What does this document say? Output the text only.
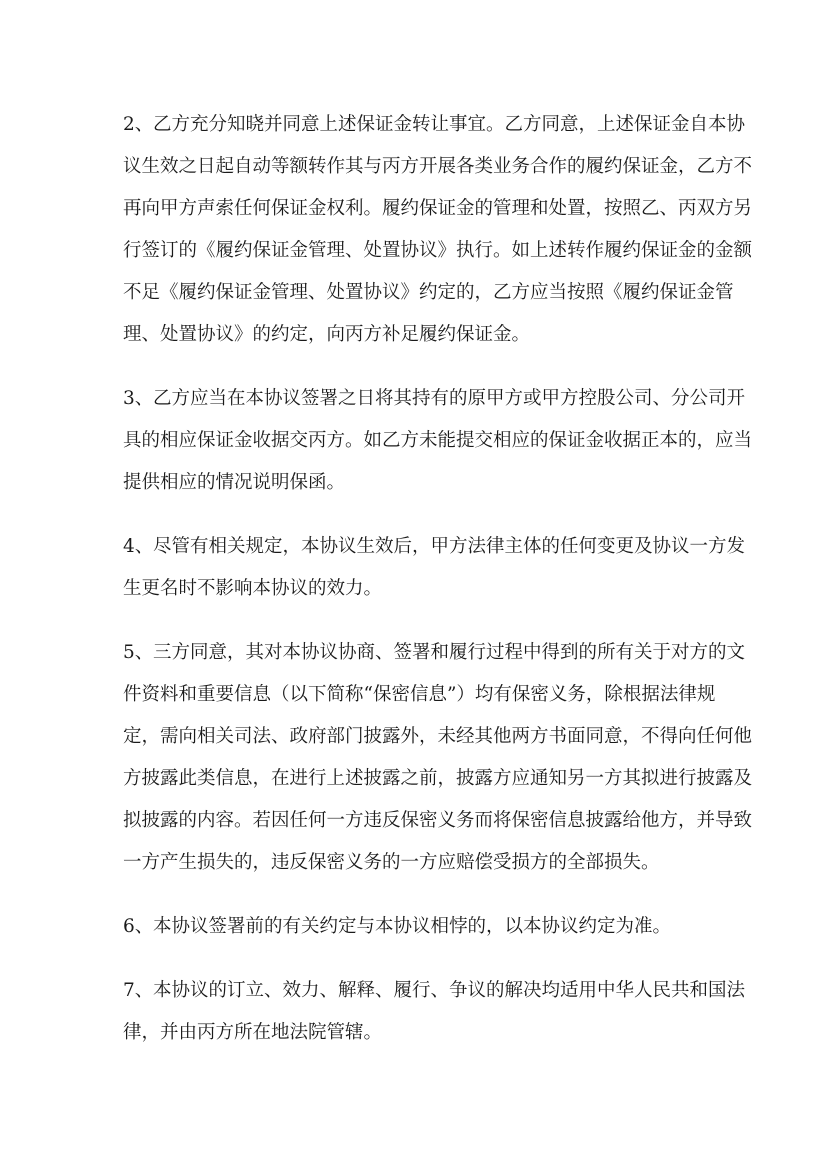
2、乙方充分知晓并同意上述保证金转让事宜。乙方同意，上述保证金自本协
议生效之日起自动等额转作其与丙方开展各类业务合作的履约保证金，乙方不
再向甲方声索任何保证金权利。履约保证金的管理和处置，按照乙、丙双方另
行签订的《履约保证金管理、处置协议》执行。如上述转作履约保证金的金额
不足《履约保证金管理、处置协议》约定的，乙方应当按照《履约保证金管
理、处置协议》的约定，向丙方补足履约保证金。
3、乙方应当在本协议签署之日将其持有的原甲方或甲方控股公司、分公司开
具的相应保证金收据交丙方。如乙方未能提交相应的保证金收据正本的，应当
提供相应的情况说明保函。
4、尽管有相关规定，本协议生效后，甲方法律主体的任何变更及协议一方发
生更名时不影响本协议的效力。
5、三方同意，其对本协议协商、签署和履行过程中得到的所有关于对方的文
件资料和重要信息（以下简称“保密信息”）均有保密义务，除根据法律规
定，需向相关司法、政府部门披露外，未经其他两方书面同意，不得向任何他
方披露此类信息，在进行上述披露之前，披露方应通知另一方其拟进行披露及
拟披露的内容。若因任何一方违反保密义务而将保密信息披露给他方，并导致
一方产生损失的，违反保密义务的一方应赔偿受损方的全部损失。
6、本协议签署前的有关约定与本协议相悖的，以本协议约定为准。
7、本协议的订立、效力、解释、履行、争议的解决均适用中华人民共和国法
律，并由丙方所在地法院管辖。
